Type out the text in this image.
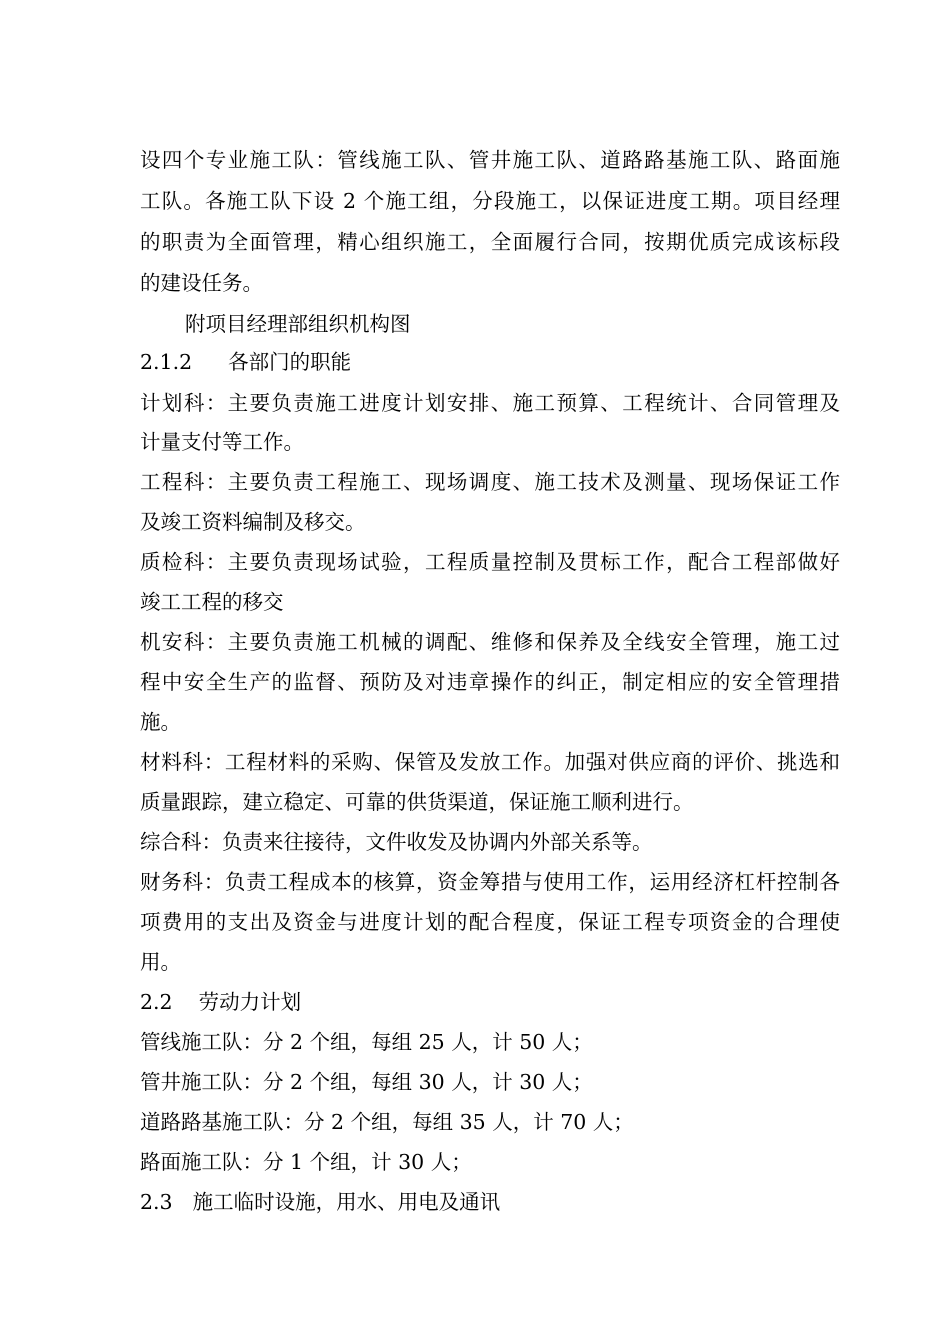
设四个专业施工队：管线施工队、管井施工队、道路路基施工队、路面施
工队。各施工队下设 2 个施工组，分段施工，以保证进度工期。项目经理
的职责为全面管理，精心组织施工，全面履行合同，按期优质完成该标段
的建设任务。
附项目经理部组织机构图
2.1.2 各部门的职能
计划科：主要负责施工进度计划安排、施工预算、工程统计、合同管理及
计量支付等工作。
工程科：主要负责工程施工、现场调度、施工技术及测量、现场保证工作
及竣工资料编制及移交。
质检科：主要负责现场试验，工程质量控制及贯标工作，配合工程部做好
竣工工程的移交
机安科：主要负责施工机械的调配、维修和保养及全线安全管理，施工过
程中安全生产的监督、预防及对违章操作的纠正，制定相应的安全管理措
施。
材料科：工程材料的采购、保管及发放工作。加强对供应商的评价、挑选和
质量跟踪，建立稳定、可靠的供货渠道，保证施工顺利进行。
综合科：负责来往接待，文件收发及协调内外部关系等。
财务科：负责工程成本的核算，资金筹措与使用工作，运用经济杠杆控制各
项费用的支出及资金与进度计划的配合程度，保证工程专项资金的合理使
用。
2.2 劳动力计划
管线施工队：分 2 个组，每组 25 人，计 50 人；
管井施工队：分 2 个组，每组 30 人，计 30 人；
道路路基施工队：分 2 个组，每组 35 人，计 70 人；
路面施工队：分 1 个组，计 30 人；
2.3 施工临时设施，用水、用电及通讯
